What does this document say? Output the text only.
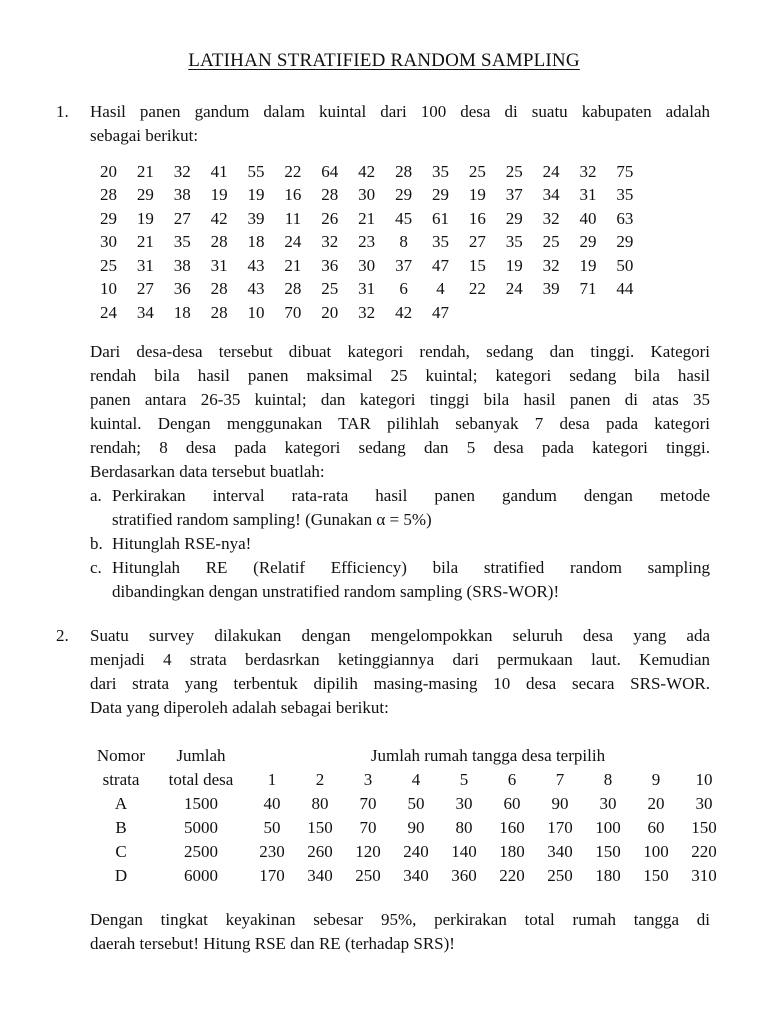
LATIHAN STRATIFIED RANDOM SAMPLING
1. Hasil panen gandum dalam kuintal dari 100 desa di suatu kabupaten adalah
sebagai berikut:
20	21	32	41	55	22	64	42	28	35	25	25	24	32	75
28	29	38	19	19	16	28	30	29	29	19	37	34	31	35
29	19	27	42	39	11	26	21	45	61	16	29	32	40	63
30	21	35	28	18	24	32	23	8	35	27	35	25	29	29
25	31	38	31	43	21	36	30	37	47	15	19	32	19	50
10	27	36	28	43	28	25	31	6	4	22	24	39	71	44
24	34	18	28	10	70	20	32	42	47					
Dari desa-desa tersebut dibuat kategori rendah, sedang dan tinggi. Kategori
rendah bila hasil panen maksimal 25 kuintal; kategori sedang bila hasil
panen antara 26-35 kuintal; dan kategori tinggi bila hasil panen di atas 35
kuintal. Dengan menggunakan TAR pilihlah sebanyak 7 desa pada kategori
rendah; 8 desa pada kategori sedang dan 5 desa pada kategori tinggi.
Berdasarkan data tersebut buatlah:
a. Perkirakan interval rata-rata hasil panen gandum dengan metode
stratified random sampling! (Gunakan α = 5%)
b. Hitunglah RSE-nya!
c. Hitunglah RE (Relatif Efficiency) bila stratified random sampling
dibandingkan dengan unstratified random sampling (SRS-WOR)!
2. Suatu survey dilakukan dengan mengelompokkan seluruh desa yang ada
menjadi 4 strata berdasrkan ketinggiannya dari permukaan laut. Kemudian
dari strata yang terbentuk dipilih masing-masing 10 desa secara SRS-WOR.
Data yang diperoleh adalah sebagai berikut:
Nomor	Jumlah	Jumlah rumah tangga desa terpilih									
strata	total desa	1	2	3	4	5	6	7	8	9	10
A	1500	40	80	70	50	30	60	90	30	20	30
B	5000	50	150	70	90	80	160	170	100	60	150
C	2500	230	260	120	240	140	180	340	150	100	220
D	6000	170	340	250	340	360	220	250	180	150	310
Dengan tingkat keyakinan sebesar 95%, perkirakan total rumah tangga di
daerah tersebut! Hitung RSE dan RE (terhadap SRS)!
